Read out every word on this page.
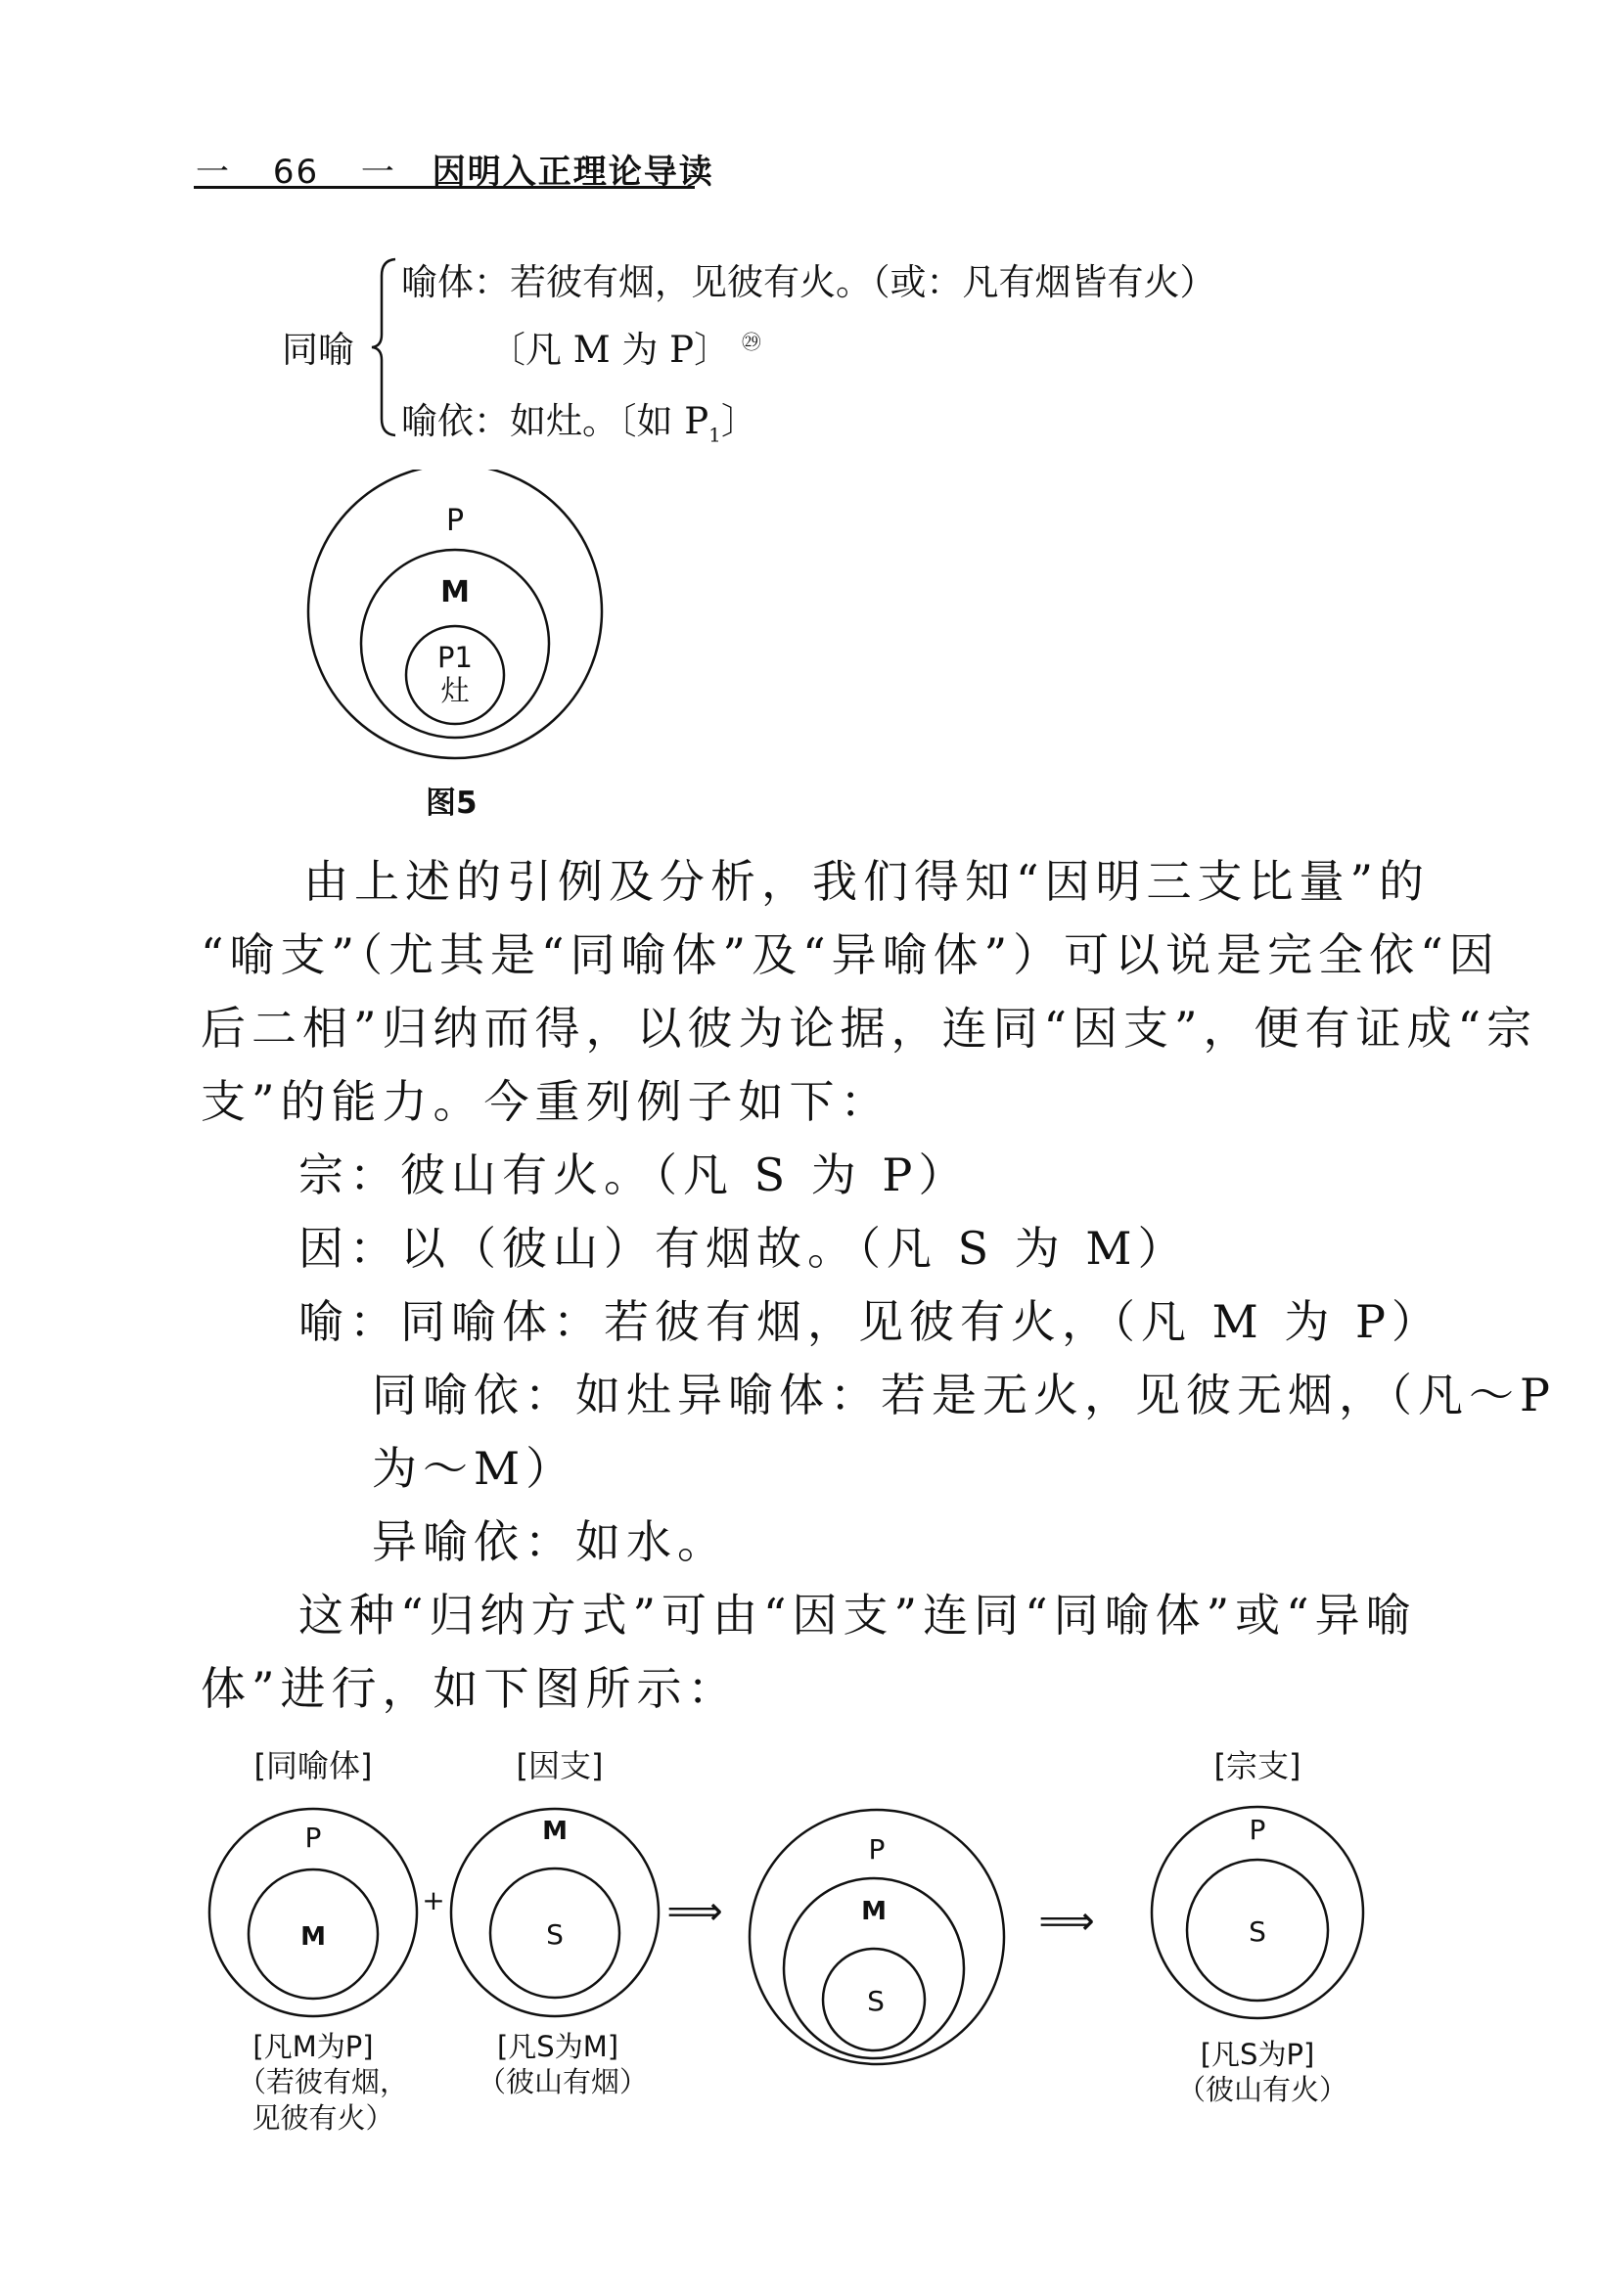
一 66 一 因明入正理论导读
同喻
喻体：若彼有烟，见彼有火。（或：凡有烟皆有火）
〔凡 M 为 P〕 $^㉙$
喻依：如灶。〔如 $P_1$〕
P
M
P1
灶
图5
由上述的引例及分析，我们得知“因明三支比量”的
“喻支”（尤其是“同喻体”及“异喻体”）可以说是完全依“因
后二相”归纳而得，以彼为论据，连同“因支”，便有证成“宗
支”的能力。今重列例子如下：
宗：彼山有火。（凡 S 为 P）
因：以（彼山）有烟故。（凡 S 为 M）
喻：同喻体：若彼有烟，见彼有火，（凡 M 为 P）
同喻依：如灶异喻体：若是无火，见彼无烟，（凡～P
为～M）
异喻依：如水。
这种“归纳方式”可由“因支”连同“同喻体”或“异喻
体”进行，如下图所示：
[同喻体]
P
M
[凡M为P]
（若彼有烟，
见彼有火）
+
[因支]
M
S
[凡S为M]
（彼山有烟）
⟹
P
M
S
⟹
[宗支]
P
S
[凡S为P]
（彼山有火）
